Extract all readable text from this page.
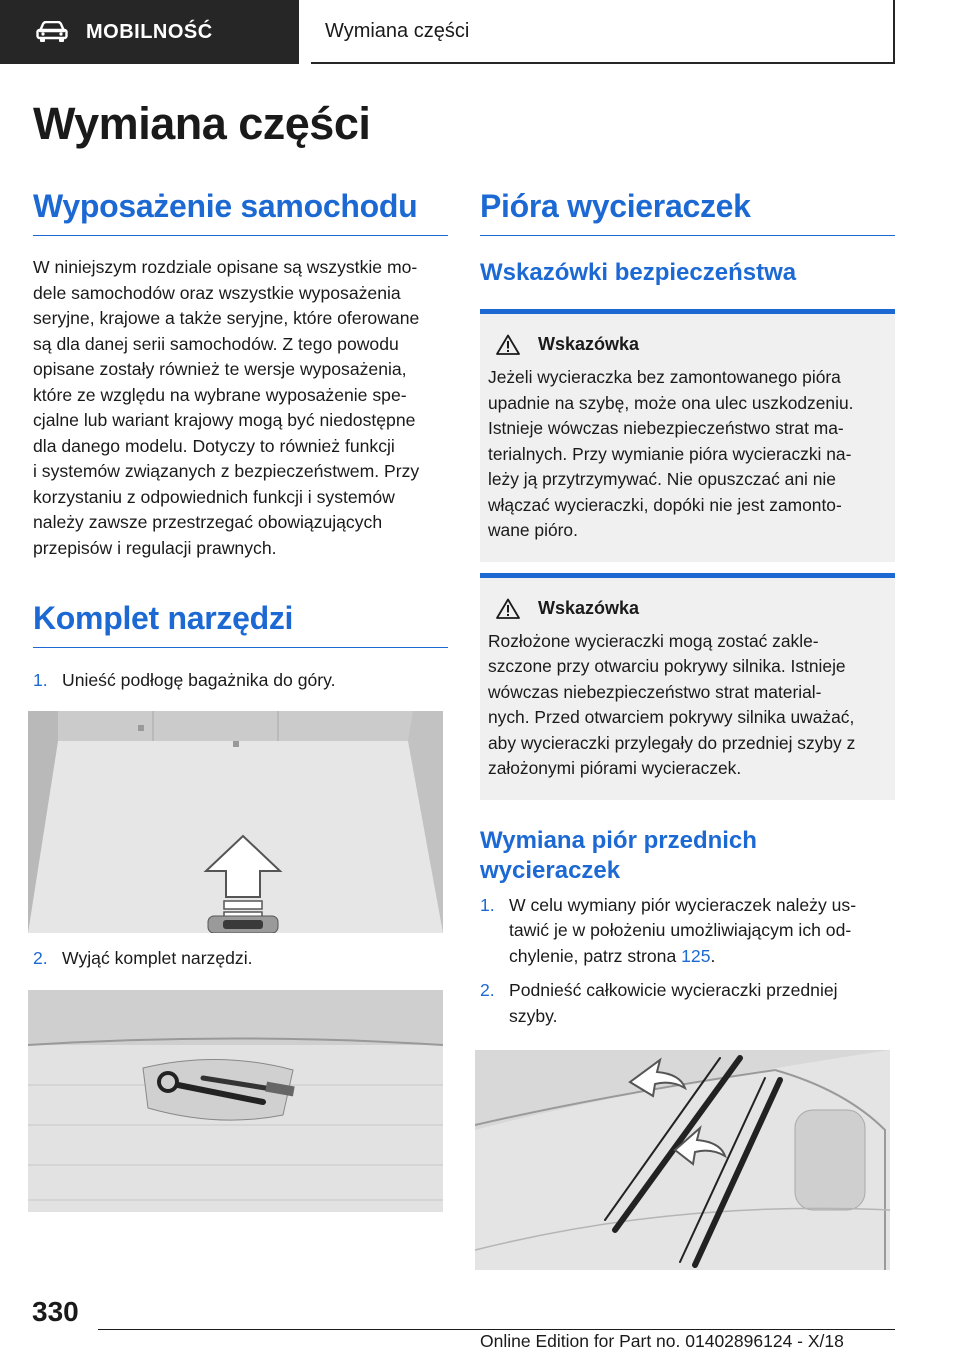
MOBILNOŚĆ	Wymiana części
Wymiana części
Wyposażenie samochodu
W niniejszym rozdziale opisane są wszystkie mo-
dele samochodów oraz wszystkie wyposażenia
seryjne, krajowe a także seryjne, które oferowane
są dla danej serii samochodów. Z tego powodu
opisane zostały również te wersje wyposażenia,
które ze względu na wybrane wyposażenie spe-
cjalne lub wariant krajowy mogą być niedostępne
dla danego modelu. Dotyczy to również funkcji
i systemów związanych z bezpieczeństwem. Przy
korzystaniu z odpowiednich funkcji i systemów
należy zawsze przestrzegać obowiązujących
przepisów i regulacji prawnych.
Komplet narzędzi
1. Unieść podłogę bagażnika do góry.
2. Wyjąć komplet narzędzi.
Pióra wycieraczek
Wskazówki bezpieczeństwa
Wskazówka
Jeżeli wycieraczka bez zamontowanego pióra
upadnie na szybę, może ona ulec uszkodzeniu.
Istnieje wówczas niebezpieczeństwo strat ma-
terialnych. Przy wymianie pióra wycieraczki na-
leży ją przytrzymywać. Nie opuszczać ani nie
włączać wycieraczki, dopóki nie jest zamonto-
wane pióro.
Wskazówka
Rozłożone wycieraczki mogą zostać zakle-
szczone przy otwarciu pokrywy silnika. Istnieje
wówczas niebezpieczeństwo strat material-
nych. Przed otwarciem pokrywy silnika uważać,
aby wycieraczki przylegały do przedniej szyby z
założonymi piórami wycieraczek.
Wymiana piór przednich
wycieraczek
1. W celu wymiany piór wycieraczek należy us-
tawić je w położeniu umożliwiającym ich od-
chylenie, patrz strona 125.
2. Podnieść całkowicie wycieraczki przedniej
szyby.
330
Online Edition for Part no. 01402896124 - X/18
